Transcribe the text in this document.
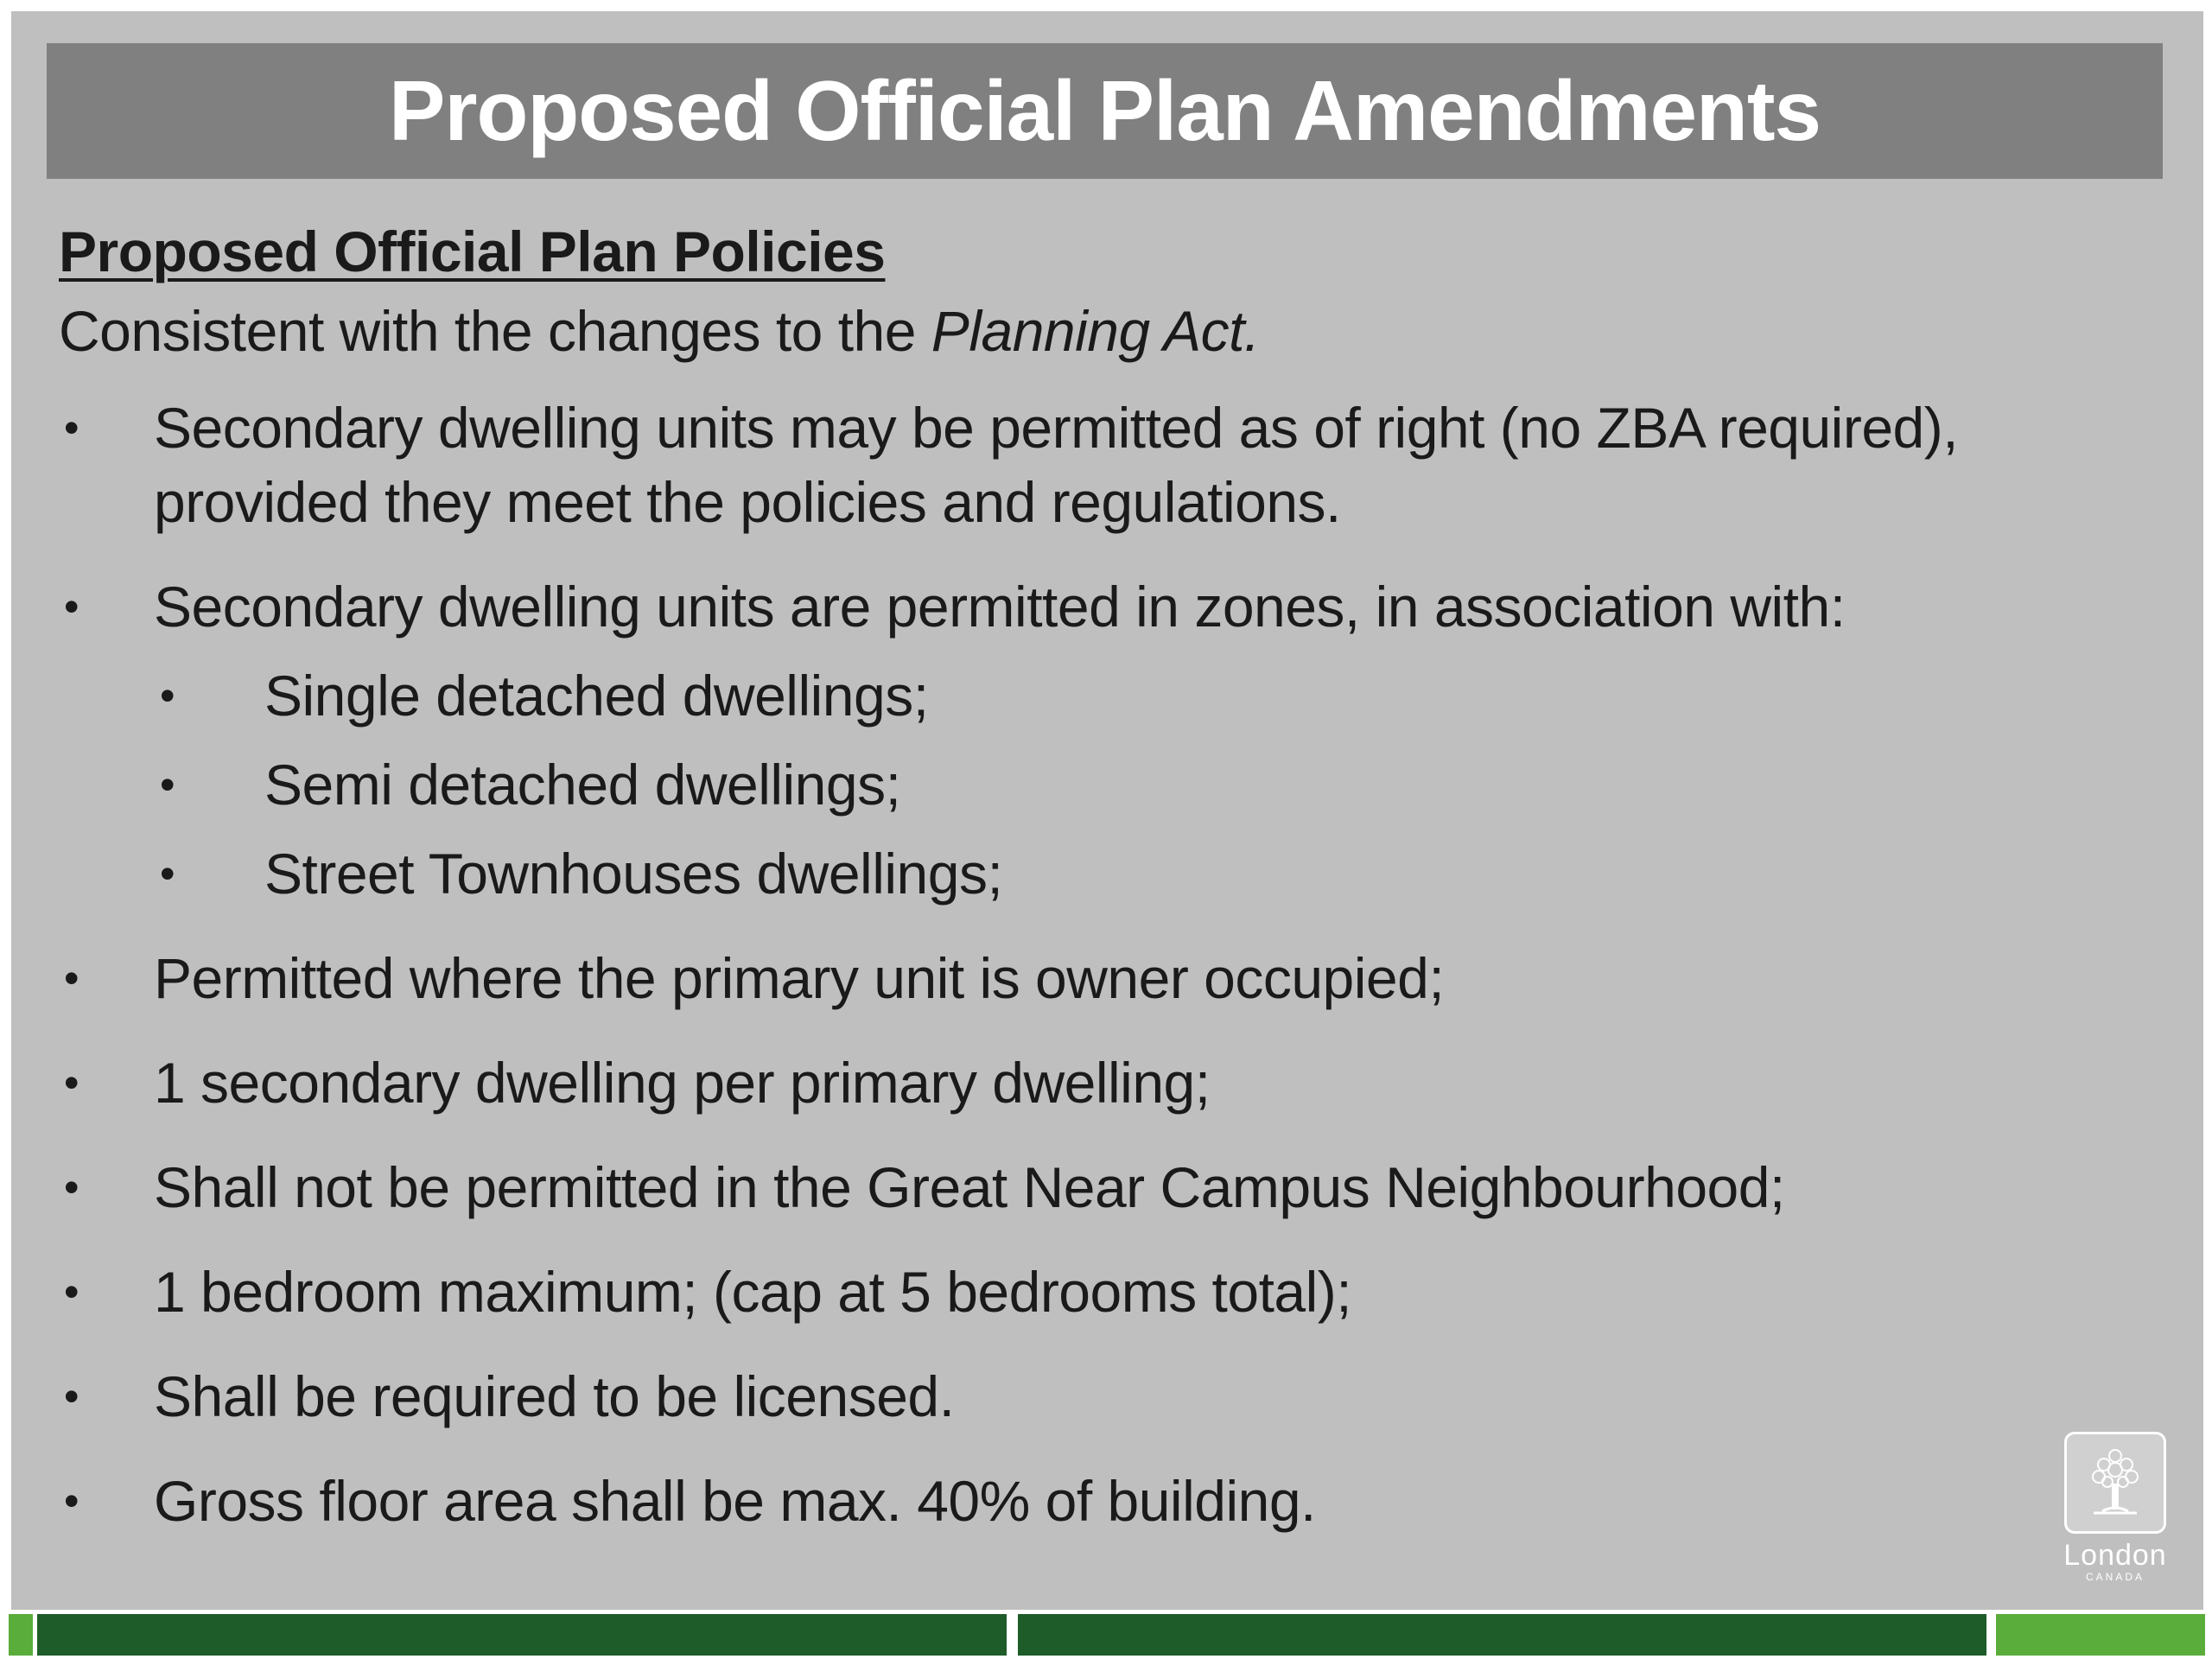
Proposed Official Plan Amendments
Proposed Official Plan Policies
Consistent with the changes to the Planning Act.
• Secondary dwelling units may be permitted as of right (no ZBA required), provided they meet the policies and regulations.
• Secondary dwelling units are permitted in zones, in association with:
• Single detached dwellings;
• Semi detached dwellings;
• Street Townhouses dwellings;
• Permitted where the primary unit is owner occupied;
• 1 secondary dwelling per primary dwelling;
• Shall not be permitted in the Great Near Campus Neighbourhood;
• 1 bedroom maximum; (cap at 5 bedrooms total);
• Shall be required to be licensed.
• Gross floor area shall be max. 40% of building.
London
CANADA
